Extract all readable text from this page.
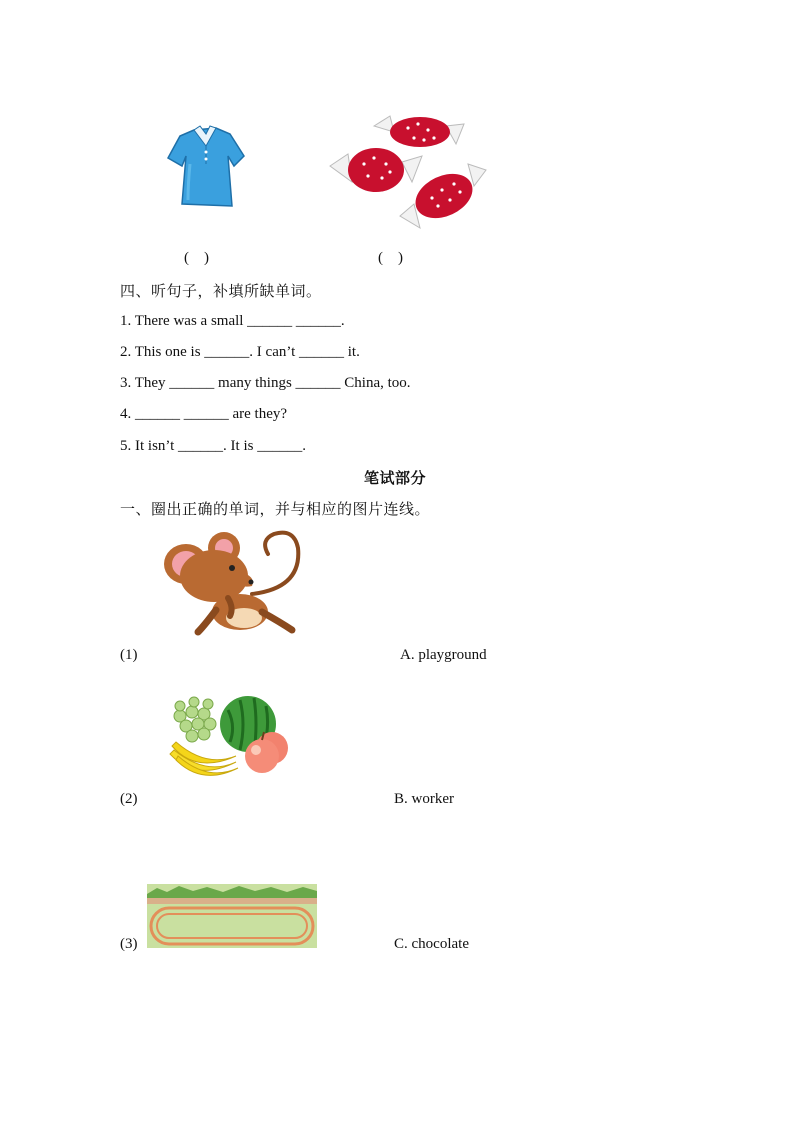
(    )	(    )
四、听句子，补填所缺单词。
1. There was a small ______ ______.
2. This one is ______. I can’t ______ it.
3. They ______ many things ______ China, too.
4. ______ ______ are they?
5. It isn’t ______. It is ______.
笔试部分
一、圈出正确的单词，并与相应的图片连线。
(1)	A. playground
(2)	B. worker
(3)	C. chocolate
